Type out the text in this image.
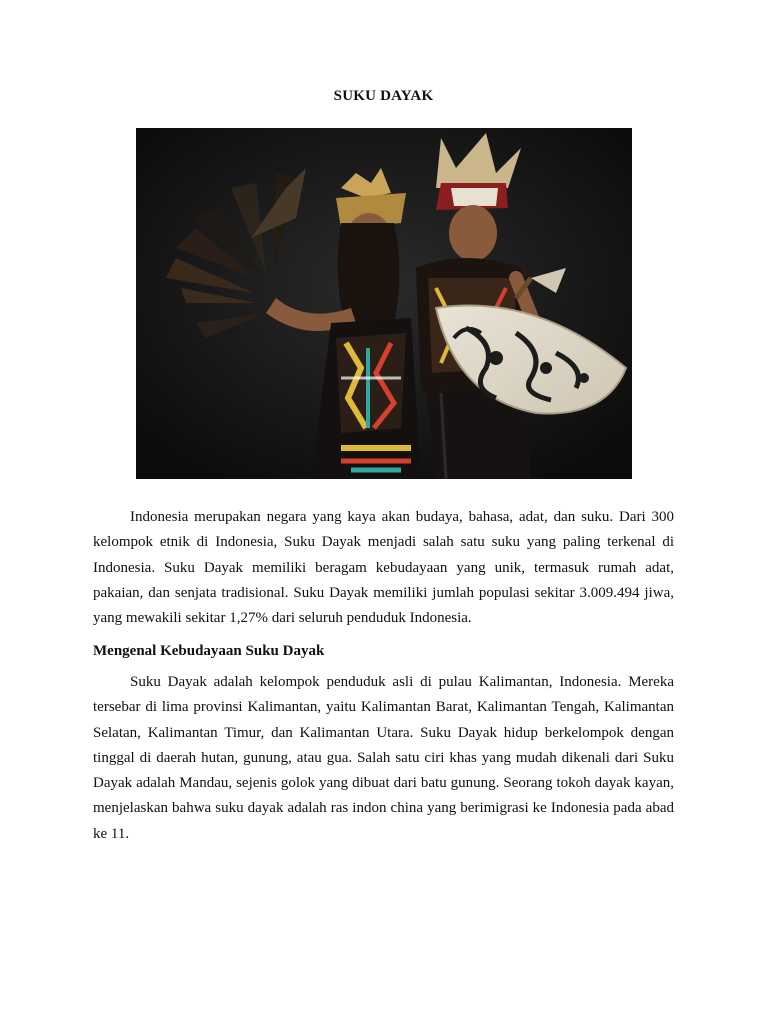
SUKU DAYAK

Indonesia merupakan negara yang kaya akan budaya, bahasa, adat, dan suku. Dari 300 kelompok etnik di Indonesia, Suku Dayak menjadi salah satu suku yang paling terkenal di Indonesia. Suku Dayak memiliki beragam kebudayaan yang unik, termasuk rumah adat, pakaian, dan senjata tradisional. Suku Dayak memiliki jumlah populasi sekitar 3.009.494 jiwa, yang mewakili sekitar 1,27% dari seluruh penduduk Indonesia.

Mengenal Kebudayaan Suku Dayak

Suku Dayak adalah kelompok penduduk asli di pulau Kalimantan, Indonesia. Mereka tersebar di lima provinsi Kalimantan, yaitu Kalimantan Barat, Kalimantan Tengah, Kalimantan Selatan, Kalimantan Timur, dan Kalimantan Utara. Suku Dayak hidup berkelompok dengan tinggal di daerah hutan, gunung, atau gua. Salah satu ciri khas yang mudah dikenali dari Suku Dayak adalah Mandau, sejenis golok yang dibuat dari batu gunung. Seorang tokoh dayak kayan, menjelaskan bahwa suku dayak adalah ras indon china yang berimigrasi ke Indonesia pada abad ke 11.
